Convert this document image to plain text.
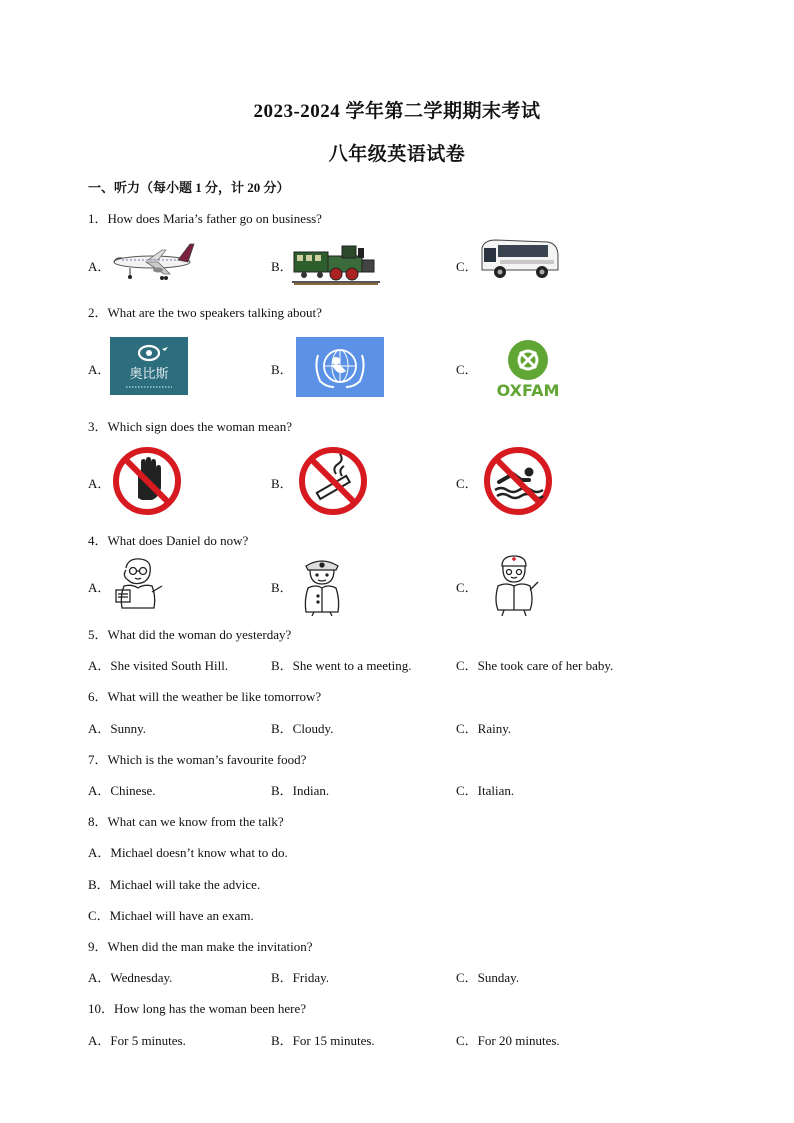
2023-2024 学年第二学期期末考试
八年级英语试卷
一、听力（每小题 1 分，计 20 分）
1．How does Maria’s father go on business?
A．	B．	C．
2．What are the two speakers talking about?
A．	B．	C．
奥比斯
OXFAM
3．Which sign does the woman mean?
A．	B．	C．
4．What does Daniel do now?
A．	B．	C．
5．What did the woman do yesterday?
A．She visited South Hill.	B．She went to a meeting.	C．She took care of her baby.
6．What will the weather be like tomorrow?
A．Sunny.	B．Cloudy.	C．Rainy.
7．Which is the woman’s favourite food?
A．Chinese.	B．Indian.	C．Italian.
8．What can we know from the talk?
A．Michael doesn’t know what to do.
B．Michael will take the advice.
C．Michael will have an exam.
9．When did the man make the invitation?
A．Wednesday.	B．Friday.	C．Sunday.
10．How long has the woman been here?
A．For 5 minutes.	B．For 15 minutes.	C．For 20 minutes.
